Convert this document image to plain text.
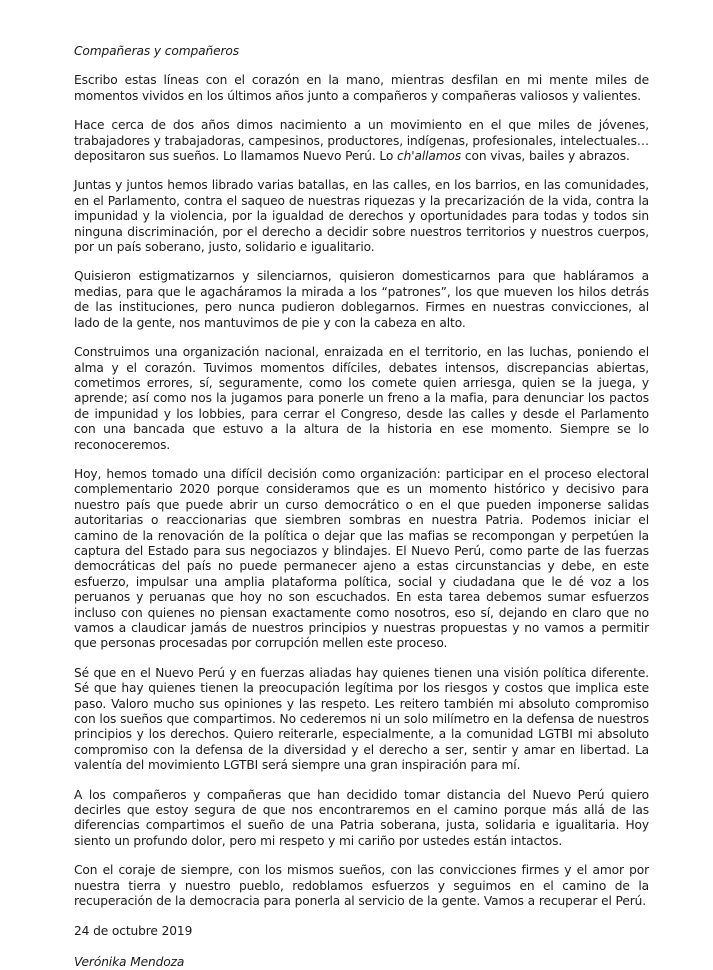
Compañeras y compañeros

Escribo estas líneas con el corazón en la mano, mientras desfilan en mi mente miles de momentos vividos en los últimos años junto a compañeros y compañeras valiosos y valientes.

Hace cerca de dos años dimos nacimiento a un movimiento en el que miles de jóvenes, trabajadores y trabajadoras, campesinos, productores, indígenas, profesionales, intelectuales… depositaron sus sueños. Lo llamamos Nuevo Perú. Lo ch'allamos con vivas, bailes y abrazos.

Juntas y juntos hemos librado varias batallas, en las calles, en los barrios, en las comunidades, en el Parlamento, contra el saqueo de nuestras riquezas y la precarización de la vida, contra la impunidad y la violencia, por la igualdad de derechos y oportunidades para todas y todos sin ninguna discriminación, por el derecho a decidir sobre nuestros territorios y nuestros cuerpos, por un país soberano, justo, solidario e igualitario.

Quisieron estigmatizarnos y silenciarnos, quisieron domesticarnos para que habláramos a medias, para que le agacháramos la mirada a los “patrones”, los que mueven los hilos detrás de las instituciones, pero nunca pudieron doblegarnos. Firmes en nuestras convicciones, al lado de la gente, nos mantuvimos de pie y con la cabeza en alto.

Construimos una organización nacional, enraizada en el territorio, en las luchas, poniendo el alma y el corazón. Tuvimos momentos difíciles, debates intensos, discrepancias abiertas, cometimos errores, sí, seguramente, como los comete quien arriesga, quien se la juega, y aprende; así como nos la jugamos para ponerle un freno a la mafia, para denunciar los pactos de impunidad y los lobbies, para cerrar el Congreso, desde las calles y desde el Parlamento con una bancada que estuvo a la altura de la historia en ese momento. Siempre se lo reconoceremos.

Hoy, hemos tomado una difícil decisión como organización: participar en el proceso electoral complementario 2020 porque consideramos que es un momento histórico y decisivo para nuestro país que puede abrir un curso democrático o en el que pueden imponerse salidas autoritarias o reaccionarias que siembren sombras en nuestra Patria. Podemos iniciar el camino de la renovación de la política o dejar que las mafias se recompongan y perpetúen la captura del Estado para sus negociazos y blindajes. El Nuevo Perú, como parte de las fuerzas democráticas del país no puede permanecer ajeno a estas circunstancias y debe, en este esfuerzo, impulsar una amplia plataforma política, social y ciudadana que le dé voz a los peruanos y peruanas que hoy no son escuchados. En esta tarea debemos sumar esfuerzos incluso con quienes no piensan exactamente como nosotros, eso sí, dejando en claro que no vamos a claudicar jamás de nuestros principios y nuestras propuestas y no vamos a permitir que personas procesadas por corrupción mellen este proceso.

Sé que en el Nuevo Perú y en fuerzas aliadas hay quienes tienen una visión política diferente. Sé que hay quienes tienen la preocupación legítima por los riesgos y costos que implica este paso. Valoro mucho sus opiniones y las respeto. Les reitero también mi absoluto compromiso con los sueños que compartimos. No cederemos ni un solo milímetro en la defensa de nuestros principios y los derechos. Quiero reiterarle, especialmente, a la comunidad LGTBI mi absoluto compromiso con la defensa de la diversidad y el derecho a ser, sentir y amar en libertad. La valentía del movimiento LGTBI será siempre una gran inspiración para mí.

A los compañeros y compañeras que han decidido tomar distancia del Nuevo Perú quiero decirles que estoy segura de que nos encontraremos en el camino porque más allá de las diferencias compartimos el sueño de una Patria soberana, justa, solidaria e igualitaria. Hoy siento un profundo dolor, pero mi respeto y mi cariño por ustedes están intactos.

Con el coraje de siempre, con los mismos sueños, con las convicciones firmes y el amor por nuestra tierra y nuestro pueblo, redoblamos esfuerzos y seguimos en el camino de la recuperación de la democracia para ponerla al servicio de la gente. Vamos a recuperar el Perú.

24 de octubre 2019

Verónika Mendoza
